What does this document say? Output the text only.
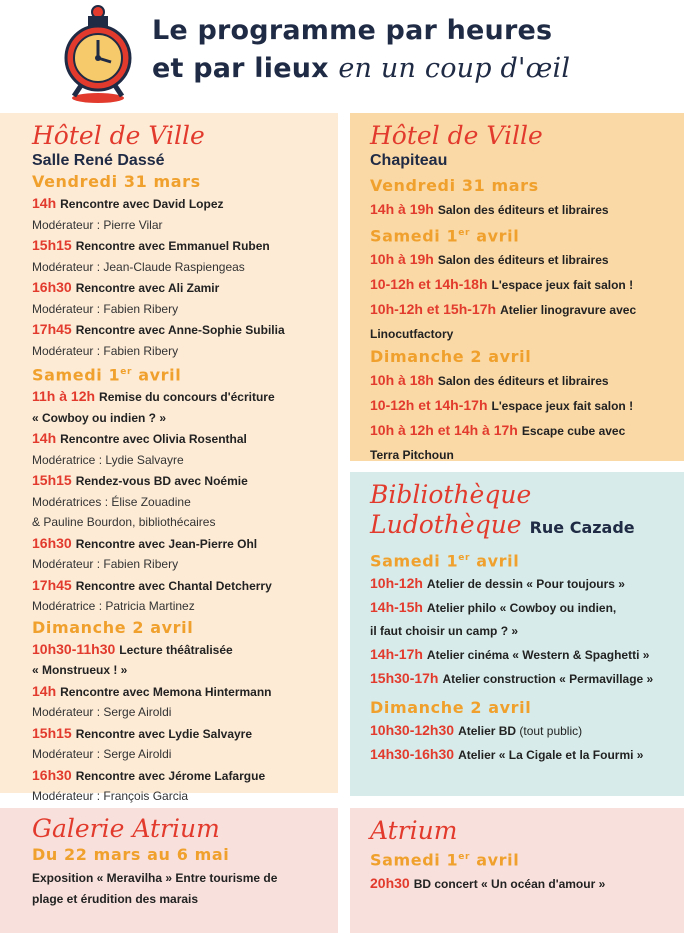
Le programme par heures
et par lieux en un coup d'œil
Hôtel de Ville
Salle René Dassé
Vendredi 31 mars
14h Rencontre avec David Lopez
Modérateur : Pierre Vilar
15h15 Rencontre avec Emmanuel Ruben
Modérateur : Jean-Claude Raspiengeas
16h30 Rencontre avec Ali Zamir
Modérateur : Fabien Ribery
17h45 Rencontre avec Anne-Sophie Subilia
Modérateur : Fabien Ribery
Samedi 1er avril
11h à 12h Remise du concours d'écriture
« Cowboy ou indien ? »
14h Rencontre avec Olivia Rosenthal
Modératrice : Lydie Salvayre
15h15 Rendez-vous BD avec Noémie
Modératrices : Élise Zouadine
& Pauline Bourdon, bibliothécaires
16h30 Rencontre avec Jean-Pierre Ohl
Modérateur : Fabien Ribery
17h45 Rencontre avec Chantal Detcherry
Modératrice : Patricia Martinez
Dimanche 2 avril
10h30-11h30 Lecture théâtralisée
« Monstrueux ! »
14h Rencontre avec Memona Hintermann
Modérateur : Serge Airoldi
15h15 Rencontre avec Lydie Salvayre
Modérateur : Serge Airoldi
16h30 Rencontre avec Jérome Lafargue
Modérateur : François Garcia
Hôtel de Ville
Chapiteau
Vendredi 31 mars
14h à 19h Salon des éditeurs et libraires
Samedi 1er avril
10h à 19h Salon des éditeurs et libraires
10-12h et 14h-18h L'espace jeux fait salon !
10h-12h et 15h-17h Atelier linogravure avec
Linocutfactory
Dimanche 2 avril
10h à 18h Salon des éditeurs et libraires
10-12h et 14h-17h L'espace jeux fait salon !
10h à 12h et 14h à 17h Escape cube avec
Terra Pitchoun
Bibliothèque
Ludothèque Rue Cazade
Samedi 1er avril
10h-12h Atelier de dessin « Pour toujours »
14h-15h Atelier philo « Cowboy ou indien,
il faut choisir un camp ? »
14h-17h Atelier cinéma « Western & Spaghetti »
15h30-17h Atelier construction « Permavillage »
Dimanche 2 avril
10h30-12h30 Atelier BD (tout public)
14h30-16h30 Atelier « La Cigale et la Fourmi »
Galerie Atrium
Du 22 mars au 6 mai
Exposition « Meravilha » Entre tourisme de
plage et érudition des marais
Atrium
Samedi 1er avril
20h30 BD concert « Un océan d'amour »
